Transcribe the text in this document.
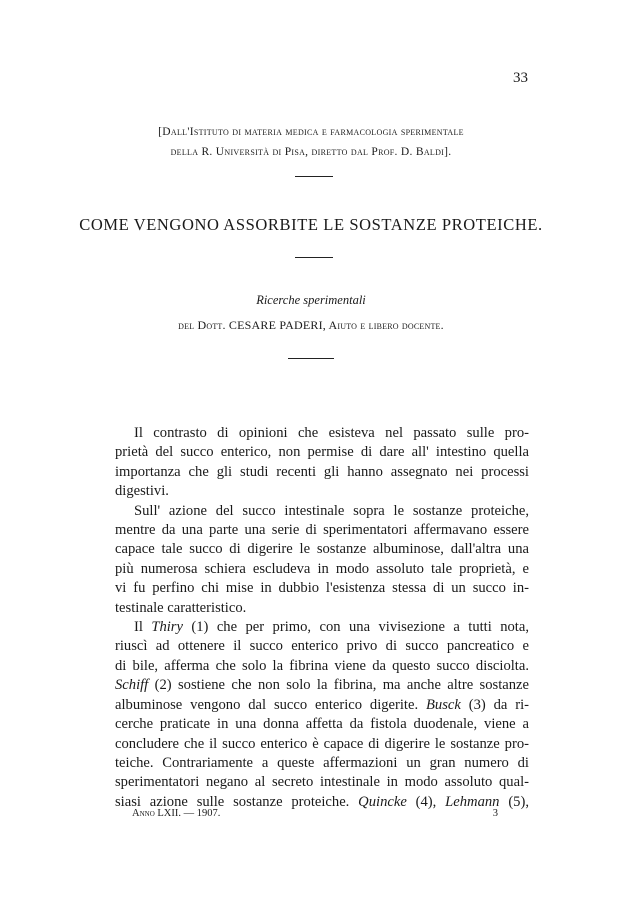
33
[Dall'Istituto di materia medica e farmacologia sperimentale
della R. Università di Pisa, diretto dal Prof. D. Baldi].
COME VENGONO ASSORBITE LE SOSTANZE PROTEICHE.
Ricerche sperimentali
del Dott. CESARE PADERI, Aiuto e libero docente.
Il contrasto di opinioni che esisteva nel passato sulle pro-
prietà del succo enterico, non permise di dare all' intestino quella
importanza che gli studi recenti gli hanno assegnato nei processi
digestivi.
Sull' azione del succo intestinale sopra le sostanze proteiche,
mentre da una parte una serie di sperimentatori affermavano essere
capace tale succo di digerire le sostanze albuminose, dall'altra una
più numerosa schiera escludeva in modo assoluto tale proprietà, e
vi fu perfino chi mise in dubbio l'esistenza stessa di un succo in-
testinale caratteristico.
Il Thiry (1) che per primo, con una vivisezione a tutti nota,
riuscì ad ottenere il succo enterico privo di succo pancreatico e
di bile, afferma che solo la fibrina viene da questo succo disciolta.
Schiff (2) sostiene che non solo la fibrina, ma anche altre sostanze
albuminose vengono dal succo enterico digerite. Busck (3) da ri-
cerche praticate in una donna affetta da fistola duodenale, viene a
concludere che il succo enterico è capace di digerire le sostanze pro-
teiche. Contrariamente a queste affermazioni un gran numero di
sperimentatori negano al secreto intestinale in modo assoluto qual-
siasi azione sulle sostanze proteiche. Quincke (4), Lehmann (5),
Anno LXII. — 1907.	3
